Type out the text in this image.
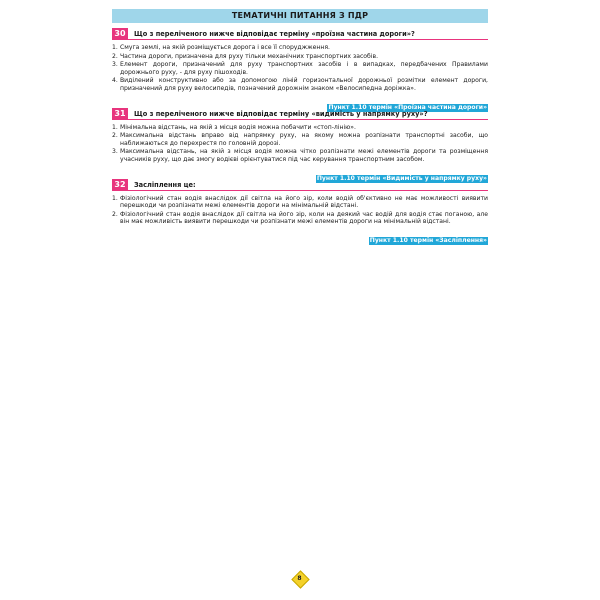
ТЕМАТИЧНІ ПИТАННЯ З ПДР
30	Що з переліченого нижче відповідає терміну «проїзна частина дороги»?
1. Смуга землі, на якій розміщується дорога і все її споруджження.
2. Частина дороги, призначена для руху тільки механічних транспортних засобів.
3. Елемент дороги, призначений для руху транспортних засобів і в випадках, передбачених Правилами дорожнього руху, - для руху пішоходів.
4. Виділений конструктивно або за допомогою ліній горизонтальної дорожньої розмітки елемент дороги, призначений для руху велосипедів, позначений дорожнім знаком «Велосипедна доріжка».
Пункт 1.10 термін «Проїзна частина дороги»
31	Що з переліченого нижче відповідає терміну «видимість у напрямку руху»?
1. Мінімальна відстань, на якій з місця водія можна побачити «стоп-лінію».
2. Максимальна відстань вправо від напрямку руху, на якому можна розпізнати транспортні засоби, що наближаються до перехрестя по головній дорозі.
3. Максимальна відстань, на якій з місця водія можна чітко розпізнати межі елементів дороги та розміщення учасників руху, що дає змогу водієві орієнтуватися під час керування транспортним засобом.
Пункт 1.10 термін «Видимість у напрямку руху»
32	Засліплення це:
1. Фізіологічний стан водія внаслідок дії світла на його зір, коли водій об'єктивно не має можливості виявити перешкоди чи розпізнати межі елементів дороги на мінімальній відстані.
2. Фізіологічний стан водія внаслідок дії світла на його зір, коли на деякий час водій для водія стає поганою, але він має можливість виявити перешкоди чи розпізнати межі елементів дороги на мінімальній відстані.
Пункт 1.10 термін «Засліплення»
8
